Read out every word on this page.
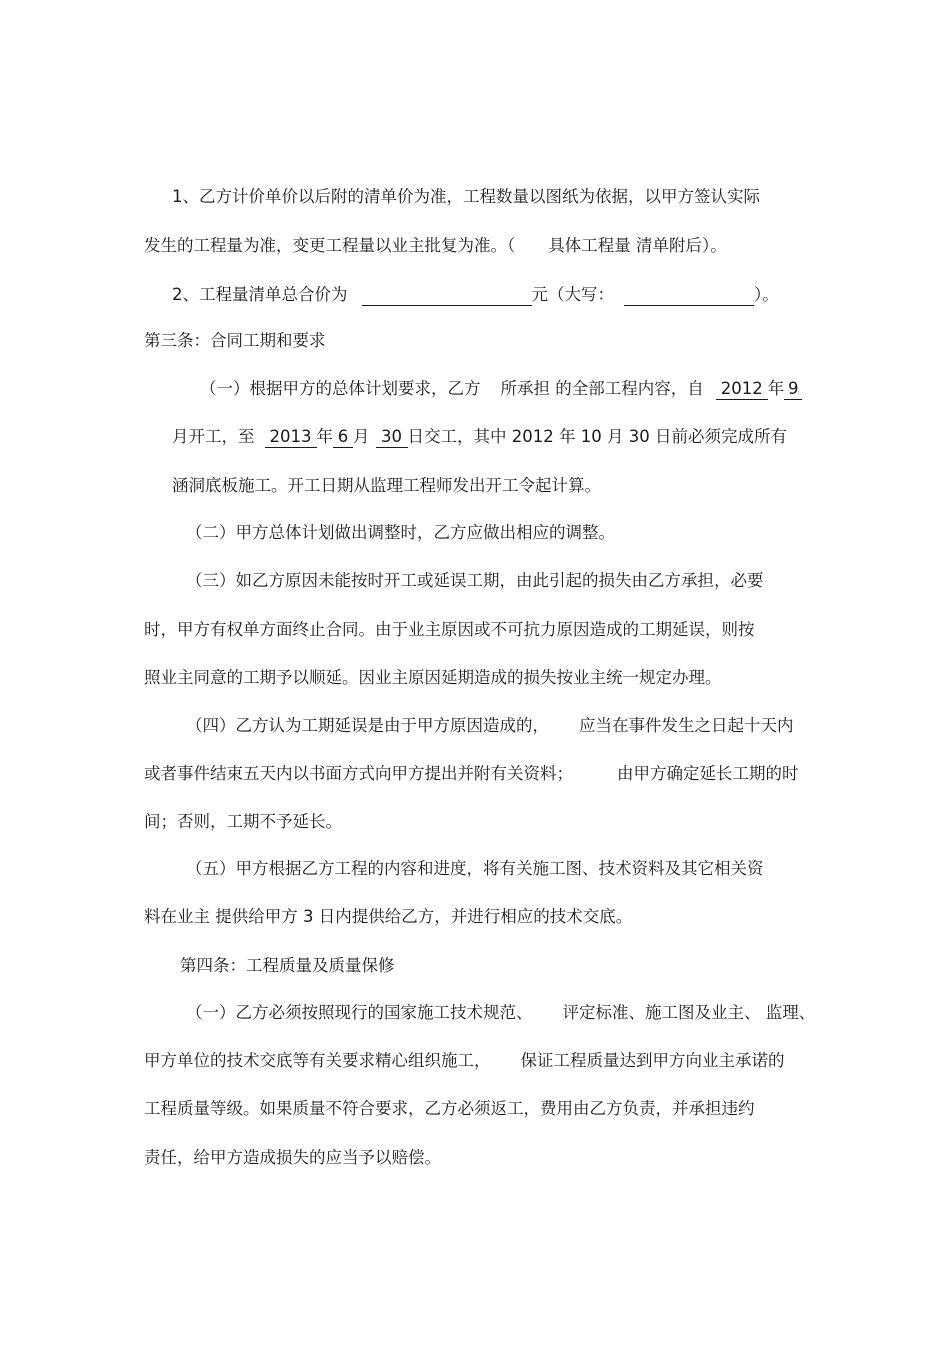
1、乙方计价单价以后附的清单价为准，工程数量以图纸为依据，以甲方签认实际
发生的工程量为准，变更工程量以业主批复为准。（　　具体工程量 清单附后）。
2、工程量清单总合价为	元（大写：	）。
第三条：合同工期和要求
（一）根据甲方的总体计划要求，乙方 所承担 的全部工程内容，自 2012 年 9
月开工，至 2013 年 6 月 30 日交工，其中 2012 年 10 月 30 日前必须完成所有
涵洞底板施工。开工日期从监理工程师发出开工令起计算。
（二）甲方总体计划做出调整时，乙方应做出相应的调整。
（三）如乙方原因未能按时开工或延误工期，由此引起的损失由乙方承担，必要
时，甲方有权单方面终止合同。由于业主原因或不可抗力原因造成的工期延误，则按
照业主同意的工期予以顺延。因业主原因延期造成的损失按业主统一规定办理。
（四）乙方认为工期延误是由于甲方原因造成的， 应当在事件发生之日起十天内
或者事件结束五天内以书面方式向甲方提出并附有关资料；	由甲方确定延长工期的时
间；否则，工期不予延长。
（五）甲方根据乙方工程的内容和进度，将有关施工图、技术资料及其它相关资
料在业主 提供给甲方 3 日内提供给乙方，并进行相应的技术交底。
第四条：工程质量及质量保修
（一）乙方必须按照现行的国家施工技术规范、 评定标准、施工图及业主、 监理、
甲方单位的技术交底等有关要求精心组织施工， 保证工程质量达到甲方向业主承诺的
工程质量等级。如果质量不符合要求，乙方必须返工，费用由乙方负责，并承担违约
责任，给甲方造成损失的应当予以赔偿。
